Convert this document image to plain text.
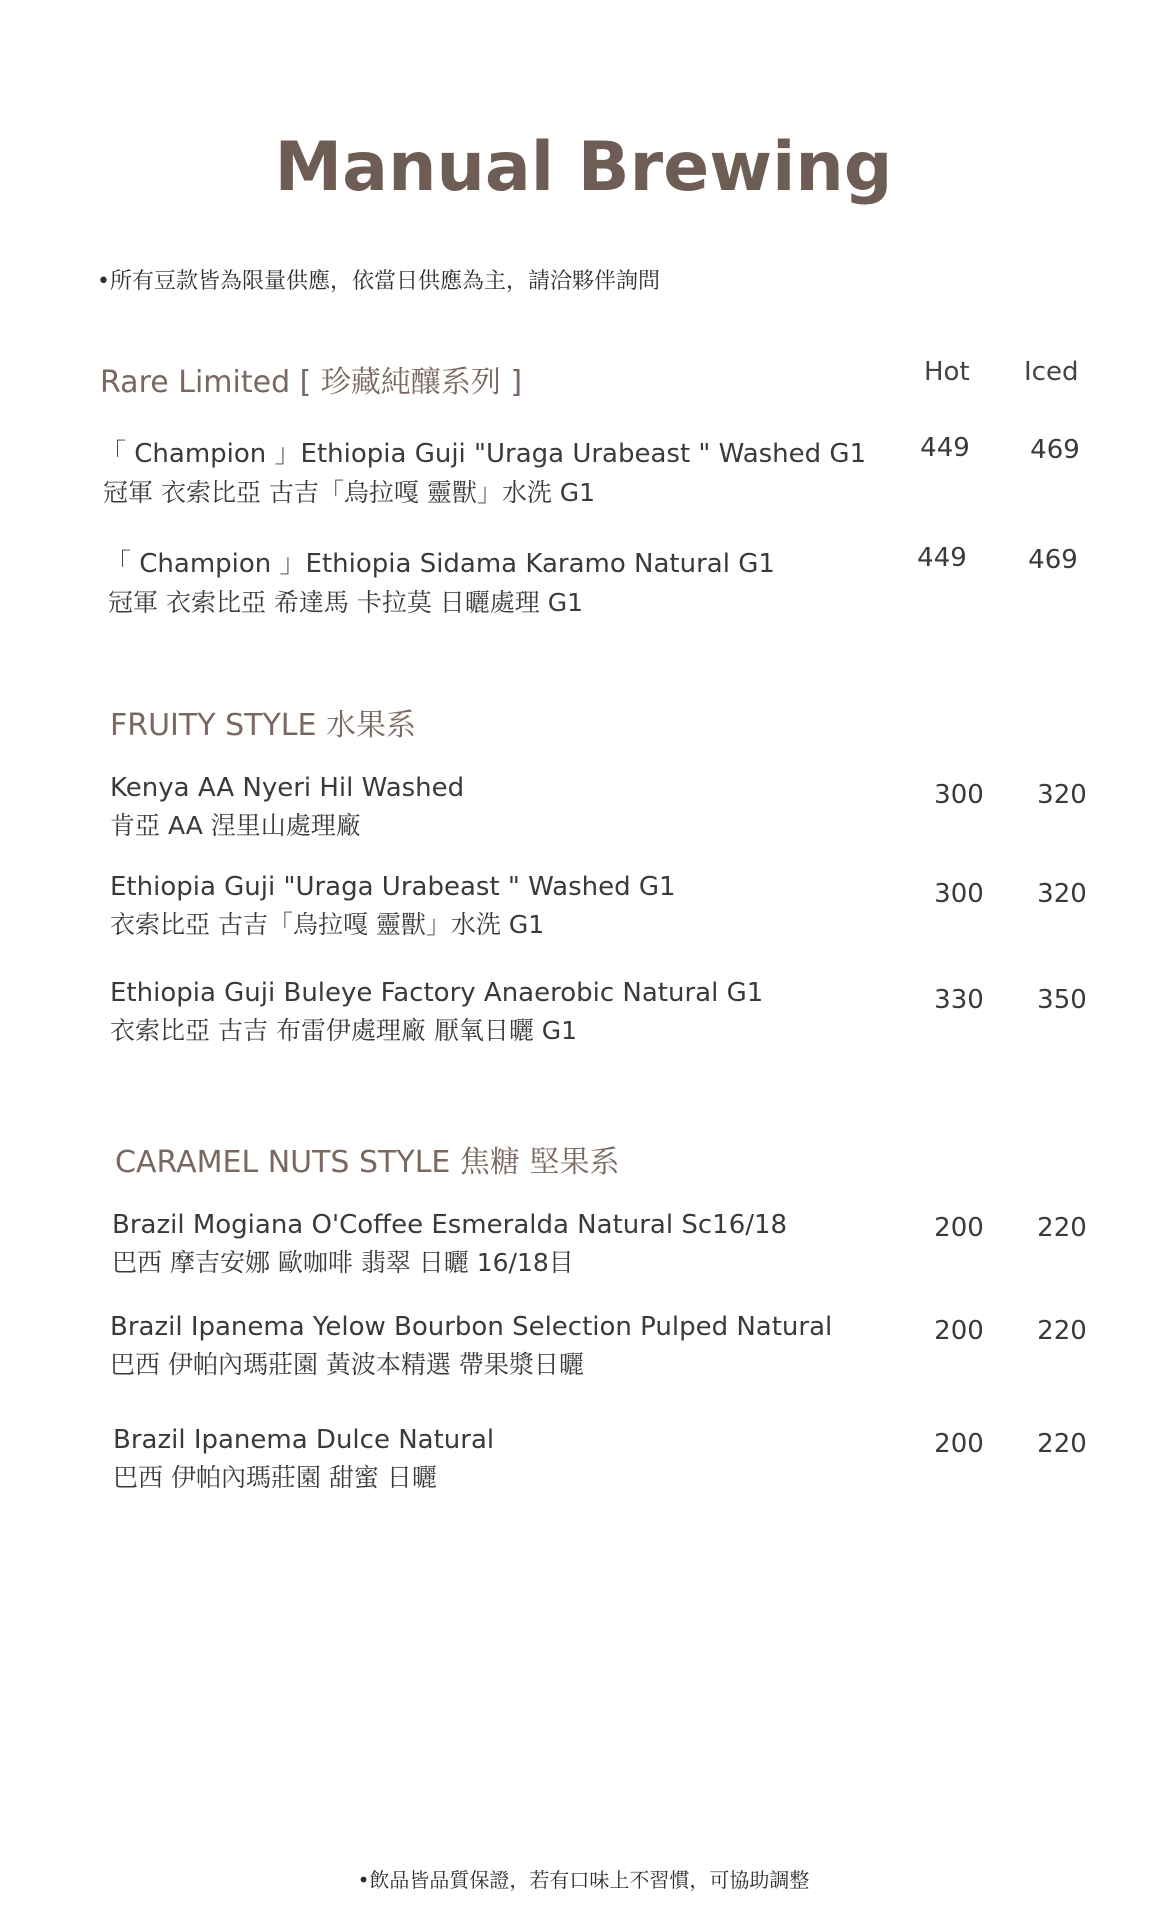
Manual Brewing
•所有豆款皆為限量供應，依當日供應為主，請洽夥伴詢問
Rare Limited [ 珍藏純釀系列 ]	Hot Iced
「 Champion 」Ethiopia Guji "Uraga Urabeast " Washed G1
冠軍 衣索比亞 古吉「烏拉嘎 靈獸」水洗 G1
449 469
「 Champion 」Ethiopia Sidama Karamo Natural G1
冠軍 衣索比亞 希達馬 卡拉莫 日曬處理 G1
449 469
FRUITY STYLE 水果系
Kenya AA Nyeri Hil Washed
肯亞 AA 涅里山處理廠
300 320
Ethiopia Guji "Uraga Urabeast " Washed G1
衣索比亞 古吉「烏拉嘎 靈獸」水洗 G1
300 320
Ethiopia Guji Buleye Factory Anaerobic Natural G1
衣索比亞 古吉 布雷伊處理廠 厭氧日曬 G1
330 350
CARAMEL NUTS STYLE 焦糖 堅果系
Brazil Mogiana O'Coffee Esmeralda Natural Sc16/18
巴西 摩吉安娜 歐咖啡 翡翠 日曬 16/18目
200 220
Brazil Ipanema Yelow Bourbon Selection Pulped Natural
巴西 伊帕內瑪莊園 黃波本精選 帶果漿日曬
200 220
Brazil Ipanema Dulce Natural
巴西 伊帕內瑪莊園 甜蜜 日曬
200 220
•飲品皆品質保證，若有口味上不習慣，可協助調整
